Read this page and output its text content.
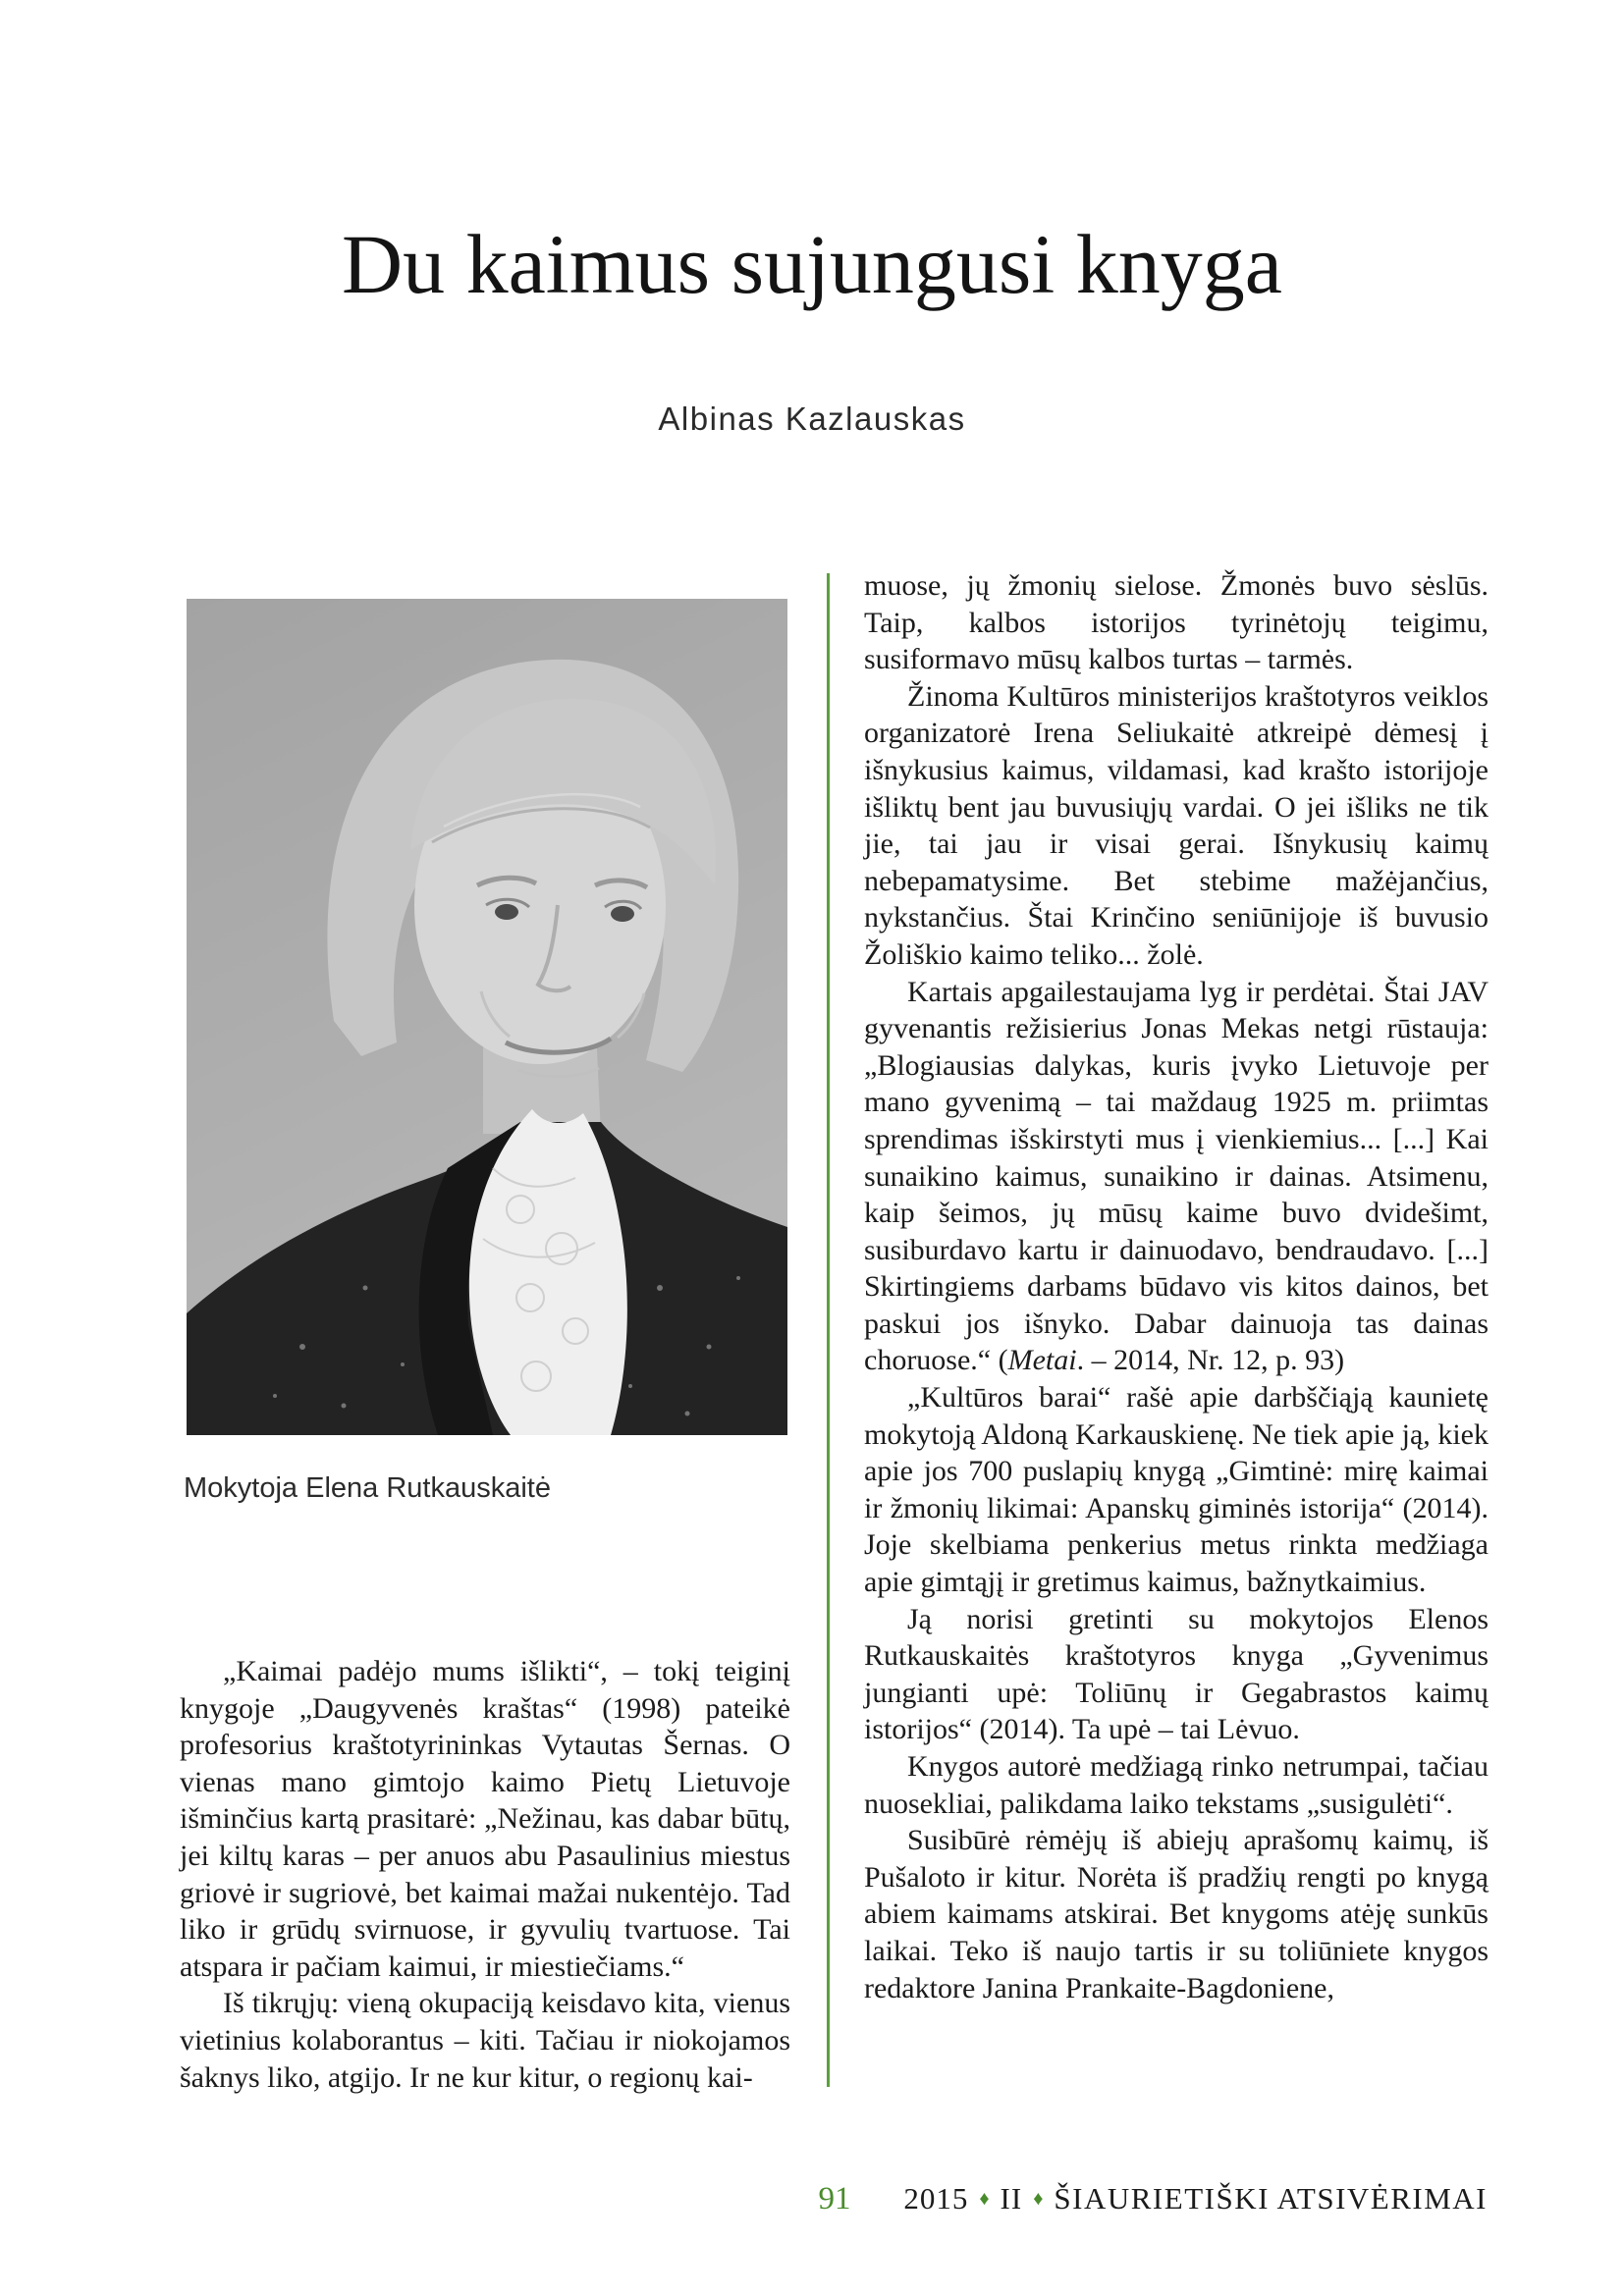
Du kaimus sujungusi knyga
Albinas Kazlauskas
Mokytoja Elena Rutkauskaitė

„Kaimai padėjo mums išlikti“, – tokį teiginį knygoje „Daugyvenės kraštas“ (1998) pateikė profesorius kraštotyrininkas Vytautas Šernas. O vienas mano gimtojo kaimo Pietų Lietuvoje išminčius kartą prasitarė: „Nežinau, kas dabar būtų, jei kiltų karas – per anuos abu Pasaulinius miestus griovė ir sugriovė, bet kaimai mažai nukentėjo. Tad liko ir grūdų svirnuose, ir gyvulių tvartuose. Tai atspara ir pačiam kaimui, ir miestiečiams.“

Iš tikrųjų: vieną okupaciją keisdavo kita, vienus vietinius kolaborantus – kiti. Tačiau ir niokojamos šaknys liko, atgijo. Ir ne kur kitur, o regionų kai-

muose, jų žmonių sielose. Žmonės buvo sėslūs. Taip, kalbos istorijos tyrinėtojų teigimu, susiformavo mūsų kalbos turtas – tarmės.

Žinoma Kultūros ministerijos kraštotyros veiklos organizatorė Irena Seliukaitė atkreipė dėmesį į išnykusius kaimus, vildamasi, kad krašto istorijoje išliktų bent jau buvusiųjų vardai. O jei išliks ne tik jie, tai jau ir visai gerai. Išnykusių kaimų nebepamatysime. Bet stebime mažėjančius, nykstančius. Štai Krinčino seniūnijoje iš buvusio Žoliškio kaimo teliko... žolė.

Kartais apgailestaujama lyg ir perdėtai. Štai JAV gyvenantis režisierius Jonas Mekas netgi rūstauja: „Blogiausias dalykas, kuris įvyko Lietuvoje per mano gyvenimą – tai maždaug 1925 m. priimtas sprendimas išskirstyti mus į vienkiemius... [...] Kai sunaikino kaimus, sunaikino ir dainas. Atsimenu, kaip šeimos, jų mūsų kaime buvo dvidešimt, susiburdavo kartu ir dainuodavo, bendraudavo. [...] Skirtingiems darbams būdavo vis kitos dainos, bet paskui jos išnyko. Dabar dainuoja tas dainas choruose.“ (Metai. – 2014, Nr. 12, p. 93)

„Kultūros barai“ rašė apie darbščiąją kaunietę mokytoją Aldoną Karkauskienę. Ne tiek apie ją, kiek apie jos 700 puslapių knygą „Gimtinė: mirę kaimai ir žmonių likimai: Apanskų giminės istorija“ (2014). Joje skelbiama penkerius metus rinkta medžiaga apie gimtąjį ir gretimus kaimus, bažnytkaimius.

Ją norisi gretinti su mokytojos Elenos Rutkauskaitės kraštotyros knyga „Gyvenimus jungianti upė: Toliūnų ir Gegabrastos kaimų istorijos“ (2014). Ta upė – tai Lėvuo.

Knygos autorė medžiagą rinko netrumpai, tačiau nuosekliai, palikdama laiko tekstams „susigulėti“.

Susibūrė rėmėjų iš abiejų aprašomų kaimų, iš Pušaloto ir kitur. Norėta iš pradžių rengti po knygą abiem kaimams atskirai. Bet knygoms atėję sunkūs laikai. Teko iš naujo tartis ir su toliūniete knygos redaktore Janina Prankaite-Bagdoniene,

91	2015 ♦ II ♦ ŠIAURIETIŠKI ATSIVĖRIMAI
